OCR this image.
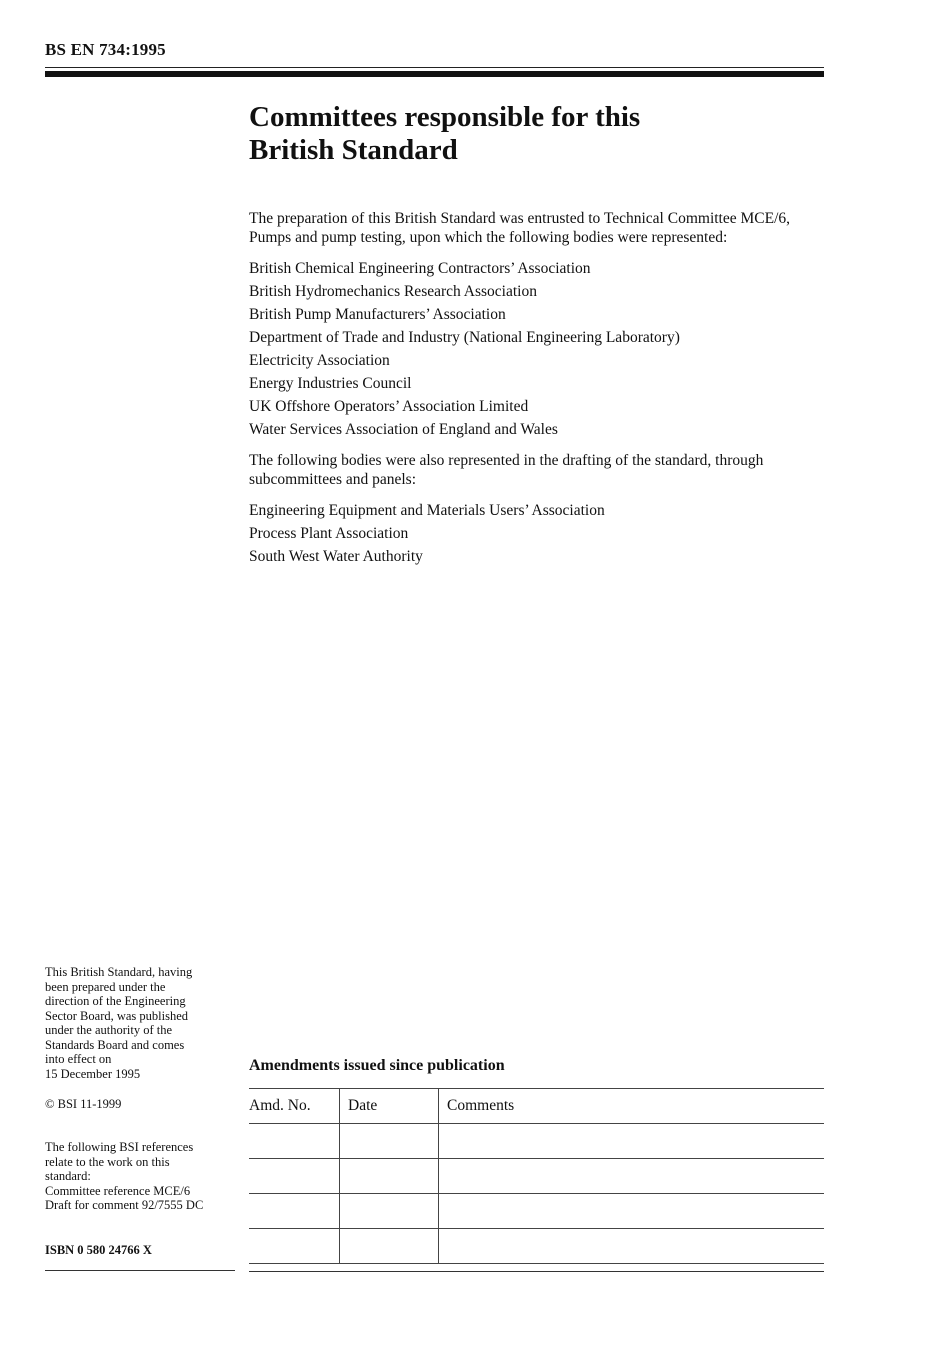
BS EN 734:1995
Committees responsible for this
British Standard

The preparation of this British Standard was entrusted to Technical Committee MCE/6, Pumps and pump testing, upon which the following bodies were represented:

British Chemical Engineering Contractors’ Association
British Hydromechanics Research Association
British Pump Manufacturers’ Association
Department of Trade and Industry (National Engineering Laboratory)
Electricity Association
Energy Industries Council
UK Offshore Operators’ Association Limited
Water Services Association of England and Wales

The following bodies were also represented in the drafting of the standard, through subcommittees and panels:

Engineering Equipment and Materials Users’ Association
Process Plant Association
South West Water Authority
This British Standard, having
been prepared under the
direction of the Engineering
Sector Board, was published
under the authority of the
Standards Board and comes
into effect on
15 December 1995
© BSI 11-1999
The following BSI references
relate to the work on this
standard:
Committee reference MCE/6
Draft for comment 92/7555 DC
ISBN 0 580 24766 X
Amendments issued since publication
Amd. No.	Date	Comments
